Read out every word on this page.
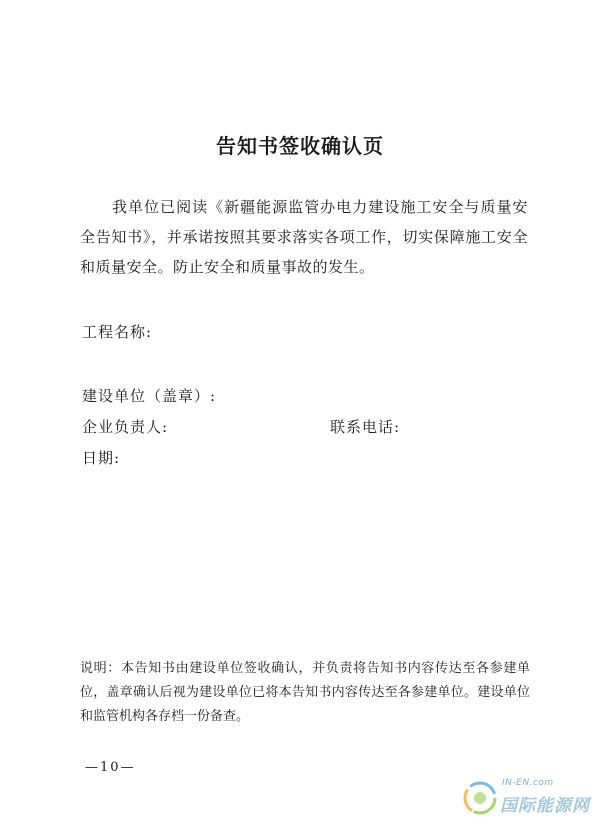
告知书签收确认页
我单位已阅读《新疆能源监管办电力建设施工安全与质量安全告知书》，并承诺按照其要求落实各项工作，切实保障施工安全和质量安全。防止安全和质量事故的发生。
工程名称:
建设单位（盖章）:
企业负责人:	联系电话:
日期:
说明：本告知书由建设单位签收确认，并负责将告知书内容传达至各参建单位，盖章确认后视为建设单位已将本告知书内容传达至各参建单位。建设单位和监管机构各存档一份备查。
—10—
IN-EN.com
国际能源网
